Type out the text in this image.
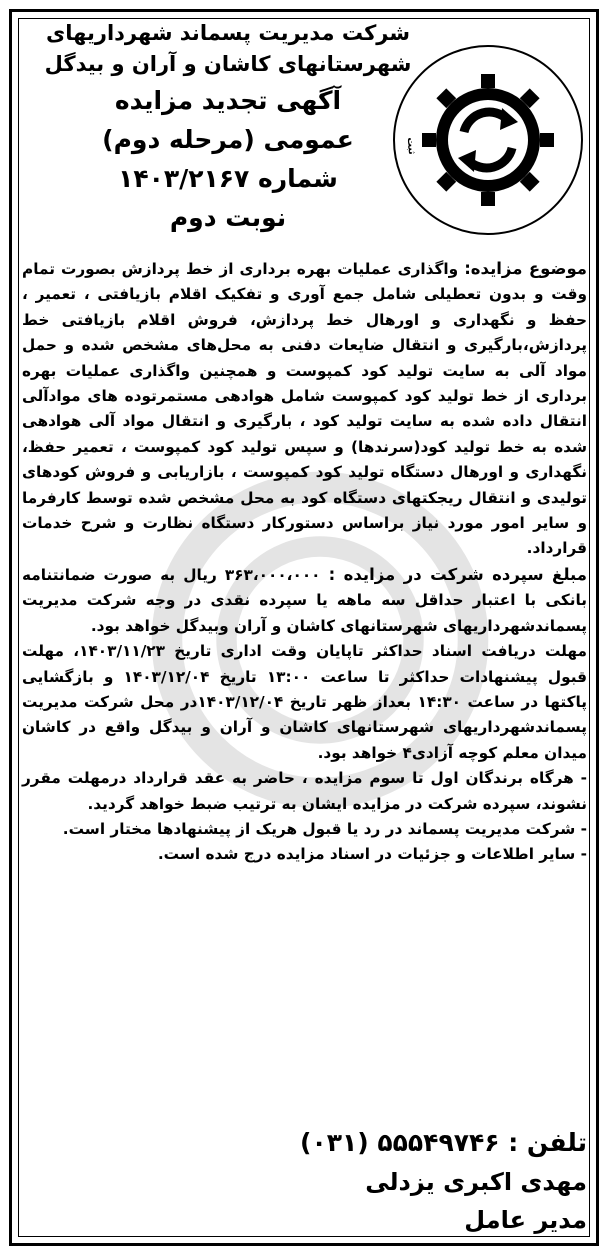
ثبت
شرکت مدیریت پسماند شهرداریهای
شهرستانهای کاشان و آران و بیدگل
آگهی تجدید مزایده
عمومی (مرحله دوم)
شماره ۱۴۰۳/۲۱۶۷
نوبت دوم

موضوع مزایده: واگذاری عملیات بهره برداری از خط پردازش بصورت تمام وقت و بدون تعطیلی شامل جمع آوری و تفکیک اقلام بازیافتی ، تعمیر ، حفظ و نگهداری و اورهال خط پردازش، فروش اقلام بازیافتی خط پردازش،بارگیری و انتقال ضایعات دفنی به محل‌های مشخص شده و حمل مواد آلی به سایت تولید کود کمپوست و همچنین واگذاری عملیات بهره برداری از خط تولید کود کمپوست شامل هوادهی مستمرتوده های موادآلی انتقال داده شده به سایت تولید کود ، بارگیری و انتقال مواد آلی هوادهی شده به خط تولید کود(سرندها) و سپس تولید کود کمپوست ، تعمیر حفظ، نگهداری و اورهال دستگاه تولید کود کمپوست ، بازاریابی و فروش کودهای تولیدی و انتقال ریجکتهای دستگاه کود به محل مشخص شده توسط کارفرما و سایر امور مورد نیاز براساس دستورکار دستگاه نظارت و شرح خدمات قرارداد.

مبلغ سپرده شرکت در مزایده : ۳۶۳،۰۰۰،۰۰۰ ریال به صورت ضمانتنامه بانکی با اعتبار حداقل سه ماهه یا سپرده نقدی در وجه شرکت مدیریت پسماندشهرداریهای شهرستانهای کاشان و آران وبیدگل خواهد بود.

مهلت دریافت اسناد حداکثر تاپایان وقت اداری تاریخ ۱۴۰۳/۱۱/۲۳، مهلت قبول پیشنهادات حداکثر تا ساعت ۱۳:۰۰ تاریخ ۱۴۰۳/۱۲/۰۴ و بازگشایی پاکتها در ساعت ۱۴:۳۰ بعداز ظهر تاریخ ۱۴۰۳/۱۲/۰۴در محل شرکت مدیریت پسماندشهرداریهای شهرستانهای کاشان و آران و بیدگل واقع در کاشان میدان معلم کوچه آزادی۴ خواهد بود.

- هرگاه برندگان اول تا سوم مزایده ، حاضر به عقد قرارداد درمهلت مقرر نشوند، سپرده شرکت در مزایده ایشان به ترتیب ضبط خواهد گردید.

- شرکت مدیریت پسماند در رد یا قبول هریک از پیشنهادها مختار است.

- سایر اطلاعات و جزئیات در اسناد مزایده درج شده است.

تلفن : ۵۵۵۴۹۷۴۶ (۰۳۱)
مهدی اکبری یزدلی
مدیر عامل
